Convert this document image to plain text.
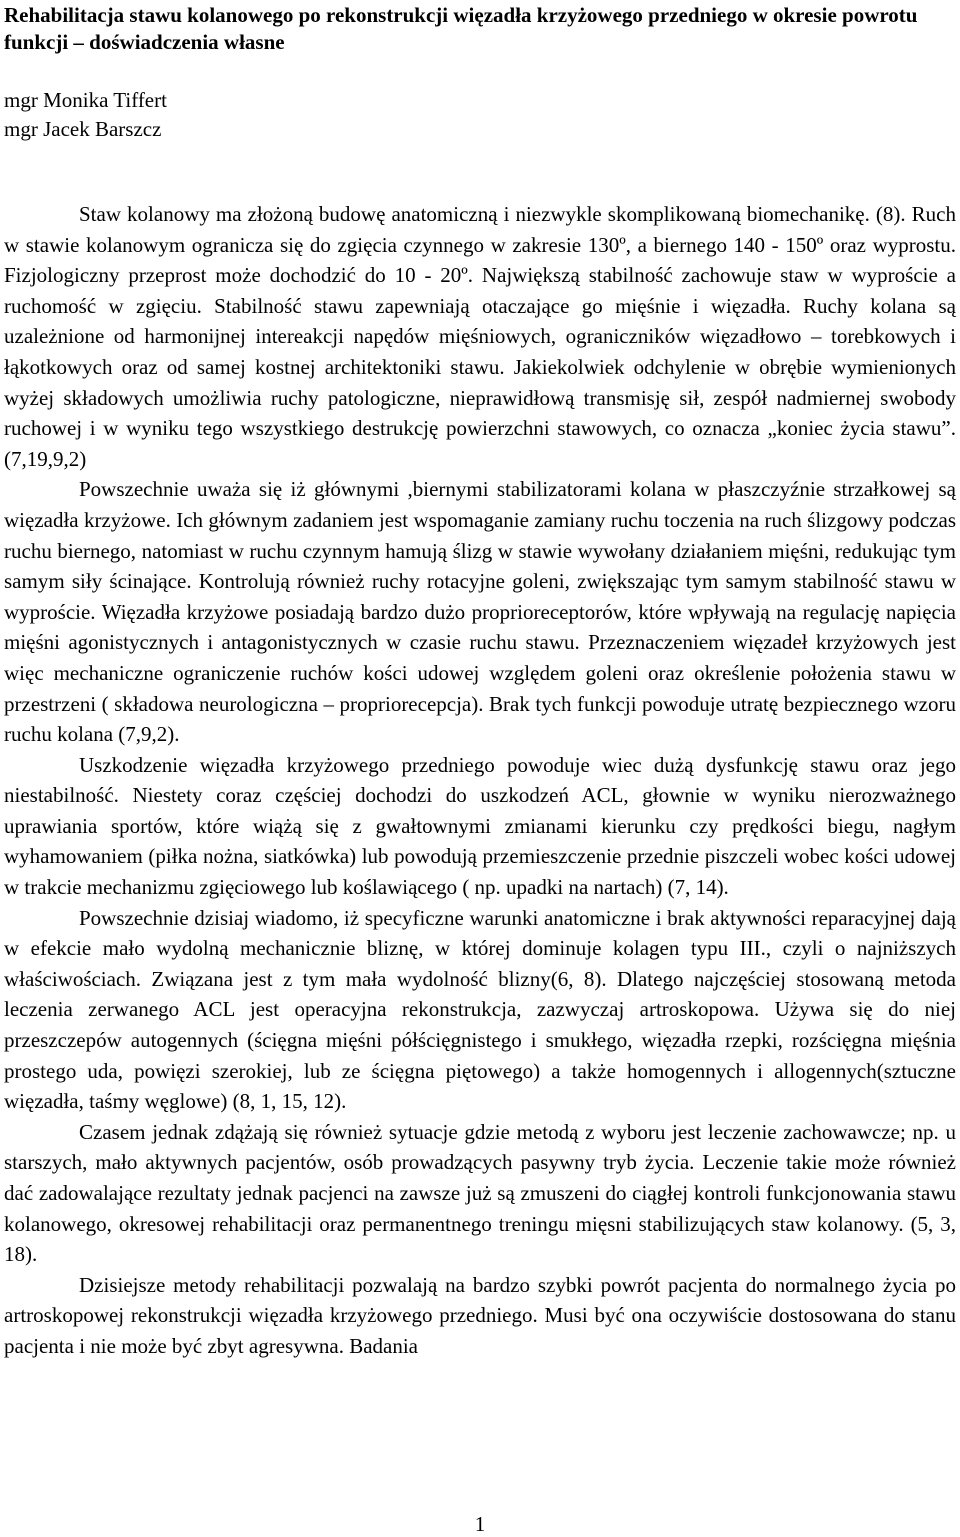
Rehabilitacja stawu kolanowego po rekonstrukcji więzadła krzyżowego przedniego w okresie powrotu funkcji – doświadczenia własne
mgr Monika Tiffert
mgr Jacek Barszcz

Staw kolanowy ma złożoną budowę anatomiczną i niezwykle skomplikowaną biomechanikę. (8). Ruch w stawie kolanowym ogranicza się do zgięcia czynnego w zakresie 130º, a biernego 140 - 150º oraz wyprostu. Fizjologiczny przeprost może dochodzić do 10 - 20º. Największą stabilność zachowuje staw w wyproście a ruchomość w zgięciu. Stabilność stawu zapewniają otaczające go mięśnie i więzadła. Ruchy kolana są uzależnione od harmonijnej intereakcji napędów mięśniowych, ograniczników więzadłowo – torebkowych i łąkotkowych oraz od samej kostnej architektoniki stawu. Jakiekolwiek odchylenie w obrębie wymienionych wyżej składowych umożliwia ruchy patologiczne, nieprawidłową transmisję sił, zespół nadmiernej swobody ruchowej i w wyniku tego wszystkiego destrukcję powierzchni stawowych, co oznacza „koniec życia stawu”. (7,19,9,2)

Powszechnie uważa się iż głównymi ,biernymi stabilizatorami kolana w płaszczyźnie strzałkowej są więzadła krzyżowe. Ich głównym zadaniem jest wspomaganie zamiany ruchu toczenia na ruch ślizgowy podczas ruchu biernego, natomiast w ruchu czynnym hamują ślizg w stawie wywołany działaniem mięśni, redukując tym samym siły ścinające. Kontrolują również ruchy rotacyjne goleni, zwiększając tym samym stabilność stawu w wyproście. Więzadła krzyżowe posiadają bardzo dużo proprioreceptorów, które wpływają na regulację napięcia mięśni agonistycznych i antagonistycznych w czasie ruchu stawu. Przeznaczeniem więzadeł krzyżowych jest więc mechaniczne ograniczenie ruchów kości udowej względem goleni oraz określenie położenia stawu w przestrzeni ( składowa neurologiczna – propriorecepcja). Brak tych funkcji powoduje utratę bezpiecznego wzoru ruchu kolana (7,9,2).

Uszkodzenie więzadła krzyżowego przedniego powoduje wiec dużą dysfunkcję stawu oraz jego niestabilność. Niestety coraz częściej dochodzi do uszkodzeń ACL, głownie w wyniku nierozważnego uprawiania sportów, które wiążą się z gwałtownymi zmianami kierunku czy prędkości biegu, nagłym wyhamowaniem (piłka nożna, siatkówka) lub powodują przemieszczenie przednie piszczeli wobec kości udowej w trakcie mechanizmu zgięciowego lub koślawiącego ( np. upadki na nartach) (7, 14).

Powszechnie dzisiaj wiadomo, iż specyficzne warunki anatomiczne i brak aktywności reparacyjnej dają w efekcie mało wydolną mechanicznie bliznę, w której dominuje kolagen typu III., czyli o najniższych właściwościach. Związana jest z tym mała wydolność blizny(6, 8). Dlatego najczęściej stosowaną metoda leczenia zerwanego ACL jest operacyjna rekonstrukcja, zazwyczaj artroskopowa. Używa się do niej przeszczepów autogennych (ścięgna mięśni półścięgnistego i smukłego, więzadła rzepki, rozścięgna mięśnia prostego uda, powięzi szerokiej, lub ze ścięgna piętowego) a także homogennych i allogennych(sztuczne więzadła, taśmy węglowe) (8, 1, 15, 12).

Czasem jednak zdążają się również sytuacje gdzie metodą z wyboru jest leczenie zachowawcze; np. u starszych, mało aktywnych pacjentów, osób prowadzących pasywny tryb życia. Leczenie takie może również dać zadowalające rezultaty jednak pacjenci na zawsze już są zmuszeni do ciągłej kontroli funkcjonowania stawu kolanowego, okresowej rehabilitacji oraz permanentnego treningu mięsni stabilizujących staw kolanowy. (5, 3, 18).

Dzisiejsze metody rehabilitacji pozwalają na bardzo szybki powrót pacjenta do normalnego życia po artroskopowej rekonstrukcji więzadła krzyżowego przedniego. Musi być ona oczywiście dostosowana do stanu pacjenta i nie może być zbyt agresywna. Badania

1
